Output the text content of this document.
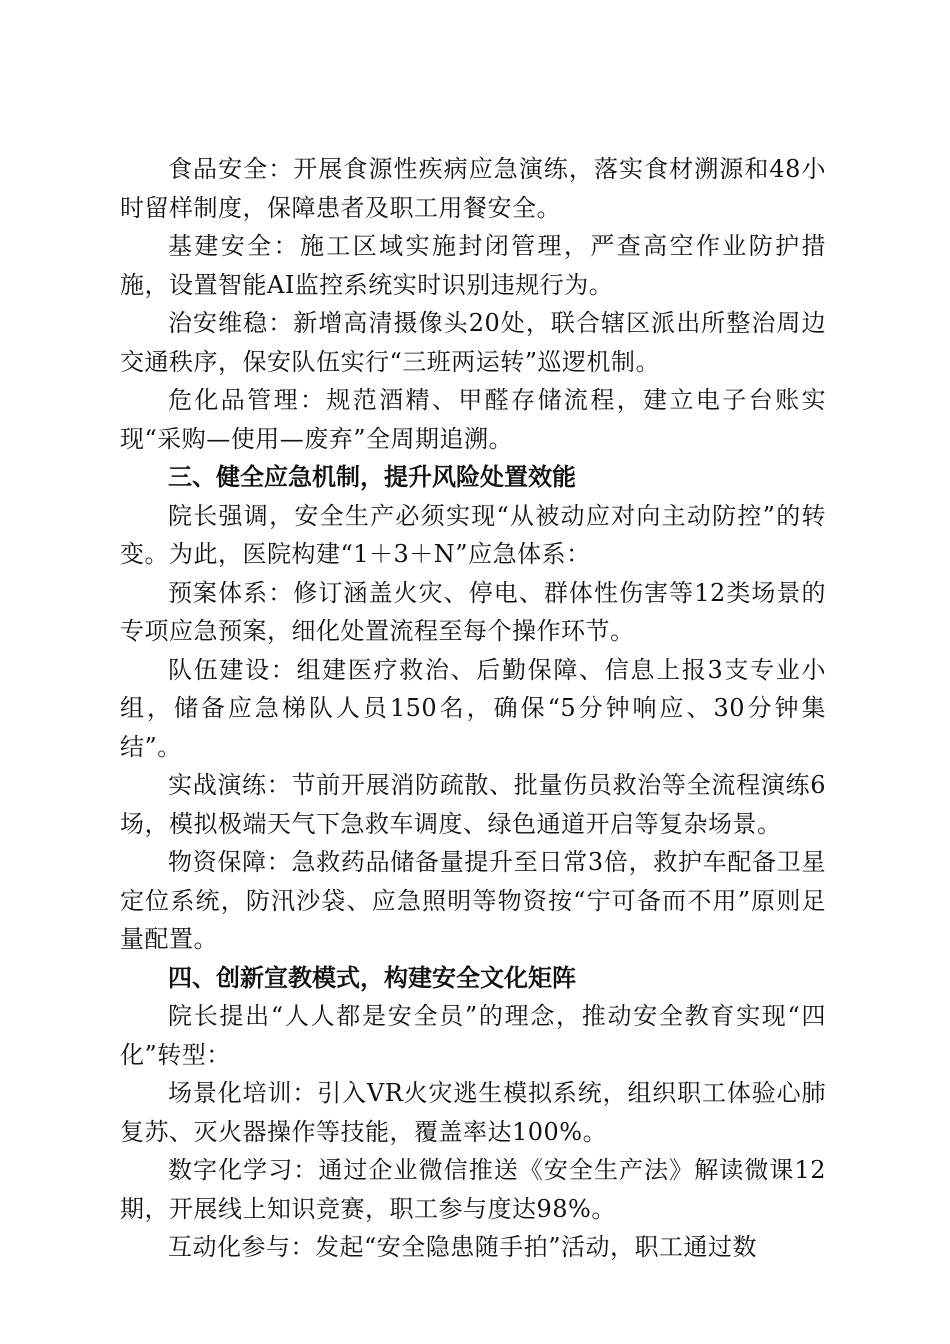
食品安全：开展食源性疾病应急演练，落实食材溯源和48小时留样制度，保障患者及职工用餐安全。

基建安全：施工区域实施封闭管理，严查高空作业防护措施，设置智能AI监控系统实时识别违规行为。

治安维稳：新增高清摄像头20处，联合辖区派出所整治周边交通秩序，保安队伍实行“三班两运转”巡逻机制。

危化品管理：规范酒精、甲醛存储流程，建立电子台账实现“采购—使用—废弃”全周期追溯。

三、健全应急机制，提升风险处置效能

院长强调，安全生产必须实现“从被动应对向主动防控”的转变。为此，医院构建“1＋3＋N”应急体系：

预案体系：修订涵盖火灾、停电、群体性伤害等12类场景的专项应急预案，细化处置流程至每个操作环节。

队伍建设：组建医疗救治、后勤保障、信息上报3支专业小组，储备应急梯队人员150名，确保“5分钟响应、30分钟集结”。

实战演练：节前开展消防疏散、批量伤员救治等全流程演练6场，模拟极端天气下急救车调度、绿色通道开启等复杂场景。

物资保障：急救药品储备量提升至日常3倍，救护车配备卫星定位系统，防汛沙袋、应急照明等物资按“宁可备而不用”原则足量配置。

四、创新宣教模式，构建安全文化矩阵

院长提出“人人都是安全员”的理念，推动安全教育实现“四化”转型：

场景化培训：引入VR火灾逃生模拟系统，组织职工体验心肺复苏、灭火器操作等技能，覆盖率达100%。

数字化学习：通过企业微信推送《安全生产法》解读微课12期，开展线上知识竞赛，职工参与度达98%。

互动化参与：发起“安全隐患随手拍”活动，职工通过数
